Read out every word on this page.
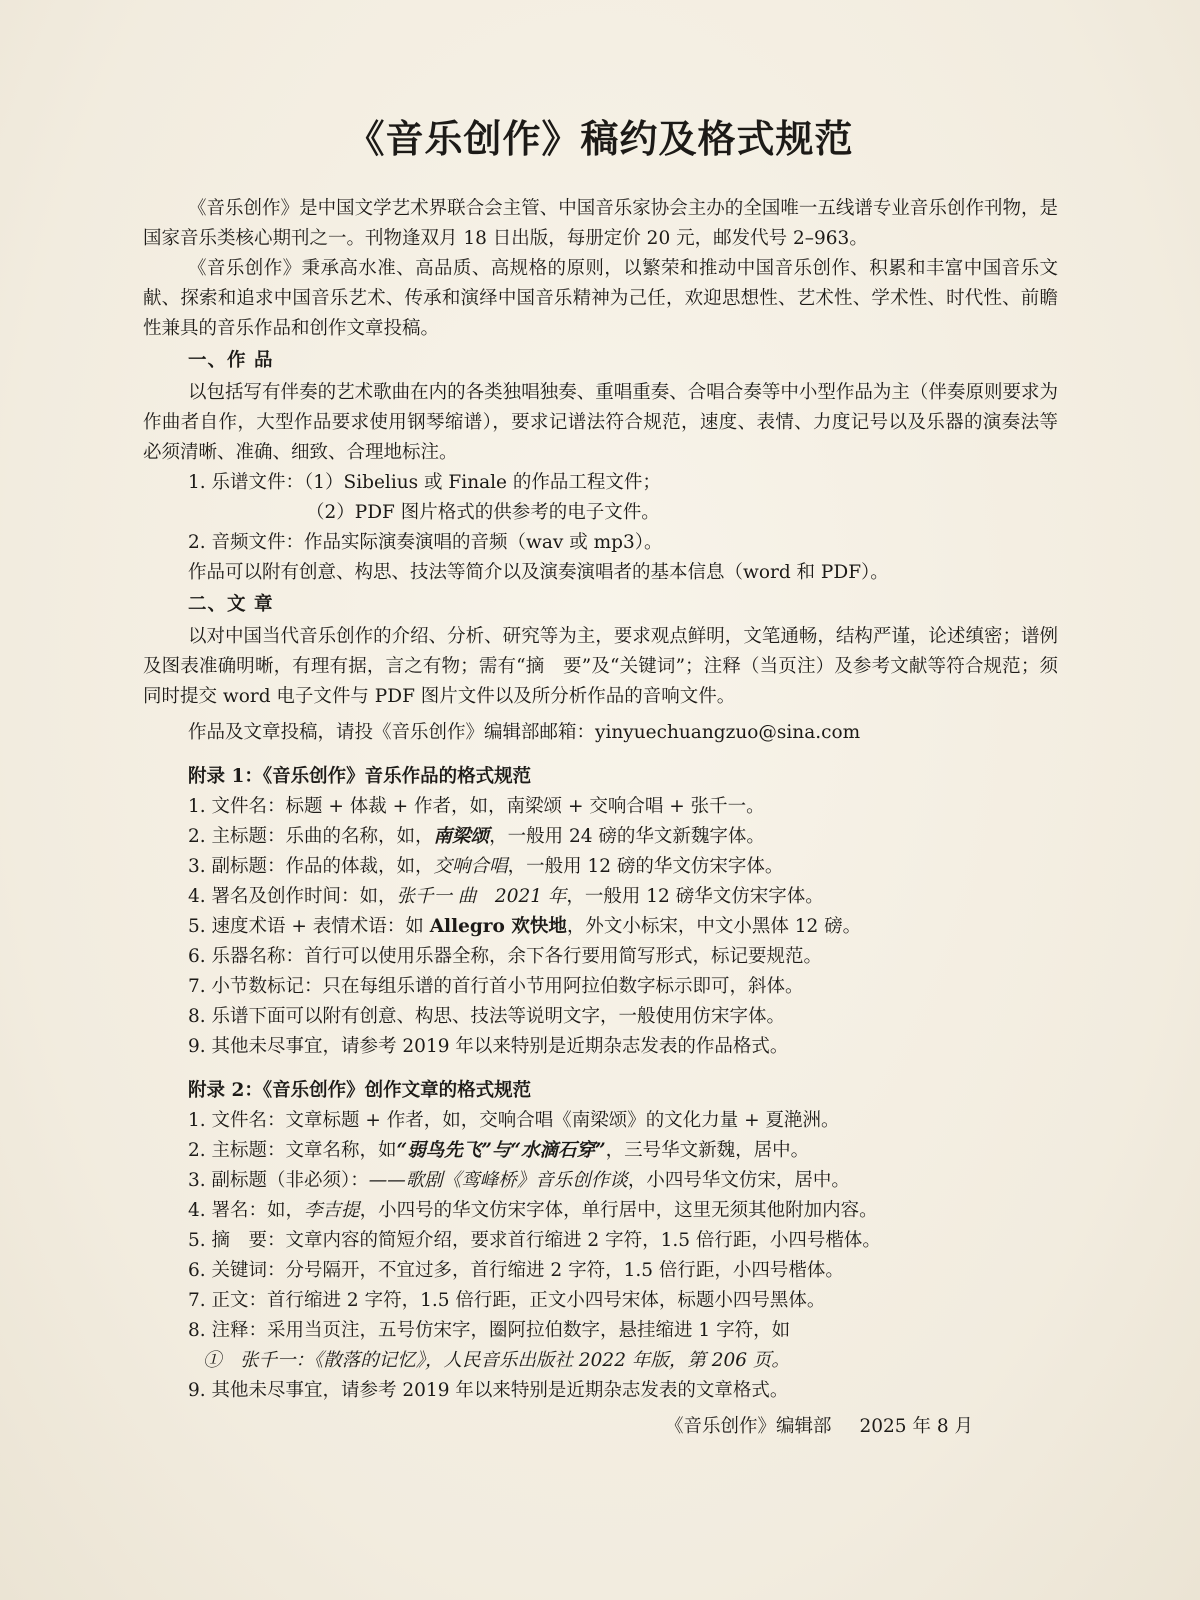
《音乐创作》稿约及格式规范

《音乐创作》是中国文学艺术界联合会主管、中国音乐家协会主办的全国唯一五线谱专业音乐创作刊物，是国家音乐类核心期刊之一。刊物逢双月 18 日出版，每册定价 20 元，邮发代号 2–963。

《音乐创作》秉承高水准、高品质、高规格的原则，以繁荣和推动中国音乐创作、积累和丰富中国音乐文献、探索和追求中国音乐艺术、传承和演绎中国音乐精神为己任，欢迎思想性、艺术性、学术性、时代性、前瞻性兼具的音乐作品和创作文章投稿。

一、作 品

以包括写有伴奏的艺术歌曲在内的各类独唱独奏、重唱重奏、合唱合奏等中小型作品为主（伴奏原则要求为作曲者自作，大型作品要求使用钢琴缩谱），要求记谱法符合规范，速度、表情、力度记号以及乐器的演奏法等必须清晰、准确、细致、合理地标注。

1. 乐谱文件：（1）Sibelius 或 Finale 的作品工程文件；

（2）PDF 图片格式的供参考的电子文件。

2. 音频文件：作品实际演奏演唱的音频（wav 或 mp3）。

作品可以附有创意、构思、技法等简介以及演奏演唱者的基本信息（word 和 PDF）。

二、文 章

以对中国当代音乐创作的介绍、分析、研究等为主，要求观点鲜明，文笔通畅，结构严谨，论述缜密；谱例及图表准确明晰，有理有据，言之有物；需有“摘　要”及“关键词”；注释（当页注）及参考文献等符合规范；须同时提交 word 电子文件与 PDF 图片文件以及所分析作品的音响文件。

作品及文章投稿，请投《音乐创作》编辑部邮箱：yinyuechuangzuo@sina.com

附录 1：《音乐创作》音乐作品的格式规范

1. 文件名：标题 + 体裁 + 作者，如，南梁颂 + 交响合唱 + 张千一。

2. 主标题：乐曲的名称，如，南梁颂，一般用 24 磅的华文新魏字体。

3. 副标题：作品的体裁，如，交响合唱，一般用 12 磅的华文仿宋字体。

4. 署名及创作时间：如，张千一 曲　2021 年，一般用 12 磅华文仿宋字体。

5. 速度术语 + 表情术语：如 Allegro 欢快地，外文小标宋，中文小黑体 12 磅。

6. 乐器名称：首行可以使用乐器全称，余下各行要用简写形式，标记要规范。

7. 小节数标记：只在每组乐谱的首行首小节用阿拉伯数字标示即可，斜体。

8. 乐谱下面可以附有创意、构思、技法等说明文字，一般使用仿宋字体。

9. 其他未尽事宜，请参考 2019 年以来特别是近期杂志发表的作品格式。

附录 2：《音乐创作》创作文章的格式规范

1. 文件名：文章标题 + 作者，如，交响合唱《南梁颂》的文化力量 + 夏滟洲。

2. 主标题：文章名称，如“弱鸟先飞”与“水滴石穿”，三号华文新魏，居中。

3. 副标题（非必须）：——歌剧《鸾峰桥》音乐创作谈，小四号华文仿宋，居中。

4. 署名：如，李吉提，小四号的华文仿宋字体，单行居中，这里无须其他附加内容。

5. 摘　要：文章内容的简短介绍，要求首行缩进 2 字符，1.5 倍行距，小四号楷体。

6. 关键词：分号隔开，不宜过多，首行缩进 2 字符，1.5 倍行距，小四号楷体。

7. 正文：首行缩进 2 字符，1.5 倍行距，正文小四号宋体，标题小四号黑体。

8. 注释：采用当页注，五号仿宋字，圈阿拉伯数字，悬挂缩进 1 字符，如

①　张千一：《散落的记忆》，人民音乐出版社 2022 年版，第 206 页。

9. 其他未尽事宜，请参考 2019 年以来特别是近期杂志发表的文章格式。

《音乐创作》编辑部 2025 年 8 月
